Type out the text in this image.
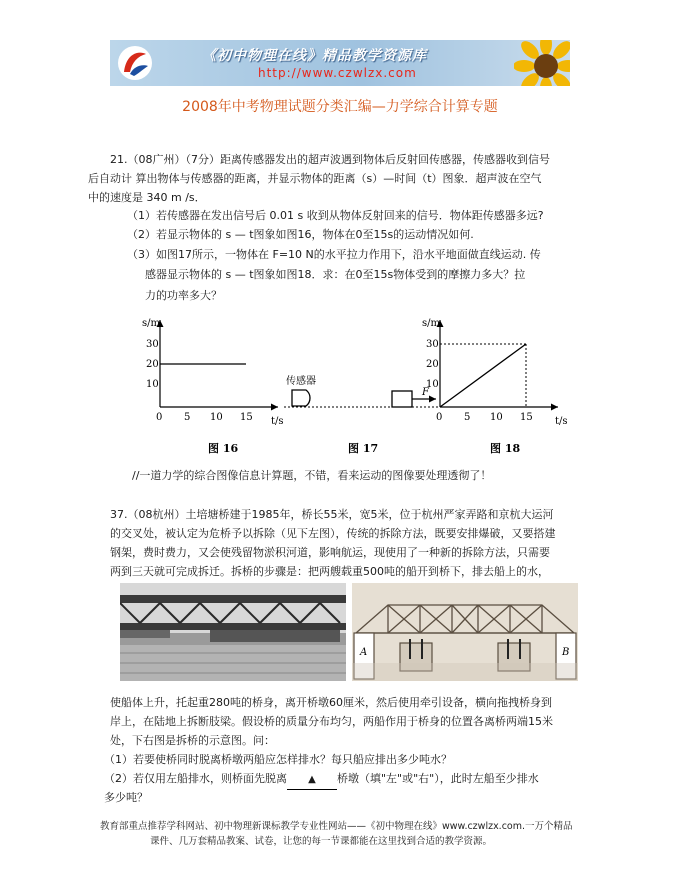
《初中物理在线》精品教学资源库
http://www.czwlzx.com
2008年中考物理试题分类汇编—力学综合计算专题
21.（08广州）（7分）距离传感器发出的超声波遇到物体后反射回传感器，传感器收到信号
后自动计 算出物体与传感器的距离，并显示物体的距离（s）—时间（t）图象．超声波在空气
中的速度是 340 m /s．
（1）若传感器在发出信号后 0.01 s 收到从物体反射回来的信号．物体距传感器多远?
（2）若显示物体的 s — t图象如图16，物体在0至15s的运动情况如何.
（3）如图17所示，一物体在 F=10 N的水平拉力作用下，沿水平地面做直线运动. 传
感器显示物体的 s — t图象如图18．求：在0至15s物体受到的摩擦力多大？拉
力的功率多大？
s/m
t/s
0 5 10 15
10
20
30
图 16
传感器
F
图 17
s/m
t/s
0 5 10 15
10
20
30
图 18
//一道力学的综合图像信息计算题，不错，看来运动的图像要处理透彻了！
37.（08杭州）土培塘桥建于1985年，桥长55米，宽5米，位于杭州严家弄路和京杭大运河
的交叉处，被认定为危桥予以拆除（见下左图），传统的拆除方法，既要安排爆破，又要搭建
钢架，费时费力，又会使残留物淤积河道，影响航运，现使用了一种新的拆除方法，只需要
两到三天就可完成拆迁。拆桥的步骤是：把两艘载重500吨的船开到桥下，排去船上的水，
A	B
使船体上升，托起重280吨的桥身，离开桥墩60厘米，然后使用牵引设备，横向拖拽桥身到
岸上，在陆地上拆断肢梁。假设桥的质量分布均匀，两船作用于桥身的位置各离桥两端15米
处，下右图是拆桥的示意图。问：
（1）若要使桥同时脱离桥墩两船应怎样排水？每只船应排出多少吨水？
（2）若仅用左船排水，则桥面先脱离 ▲ 桥墩（填"左"或"右"），此时左船至少排水
多少吨？
教育部重点推荐学科网站、初中物理新课标教学专业性网站——《初中物理在线》www.czwlzx.com.一万个精品
课件、几万套精品教案、试卷，让您的每一节课都能在这里找到合适的教学资源。
